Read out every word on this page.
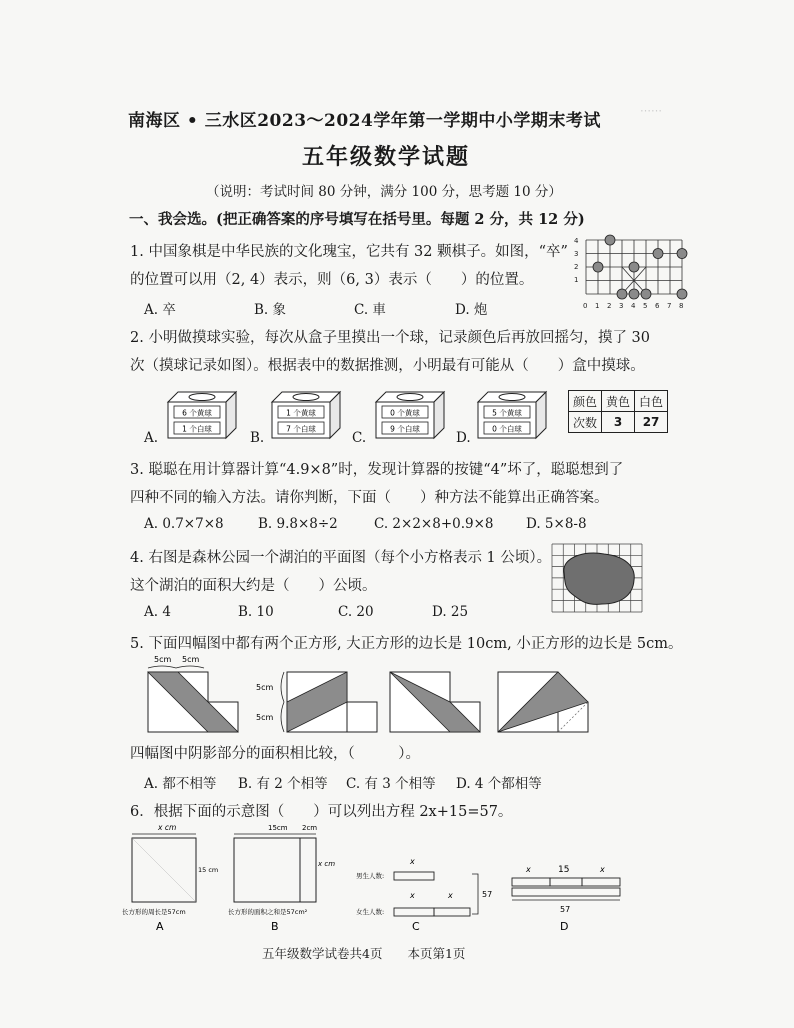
⋯⋯
南海区 • 三水区2023～2024学年第一学期中小学期末考试
五年级数学试题
（说明：考试时间 80 分钟，满分 100 分，思考题 10 分）
一、我会选。(把正确答案的序号填写在括号里。每题 2 分，共 12 分)
1. 中国象棋是中华民族的文化瑰宝，它共有 32 颗棋子。如图，“卒”
的位置可以用（2, 4）表示，则（6, 3）表示（　　）的位置。
A. 卒	B. 象	C. 車	D. 炮	0 1 2 3 4 5 6 7 8
1
2
3
4
2. 小明做摸球实验，每次从盒子里摸出一个球，记录颜色后再放回摇匀，摸了 30
次（摸球记录如图）。根据表中的数据推测，小明最有可能从（　　）盒中摸球。
A.
6 个黄球
1 个白球
B.
1 个黄球
7 个白球
C.
0 个黄球
9 个白球
D.
5 个黄球
0 个白球
颜色	黄色	白色
次数	3	27
3. 聪聪在用计算器计算“4.9×8”时，发现计算器的按键“4”坏了，聪聪想到了
四种不同的输入方法。请你判断，下面（　　）种方法不能算出正确答案。
A. 0.7×7×8	B. 9.8×8÷2	C. 2×2×8+0.9×8 D. 5×8-8
4. 右图是森林公园一个湖泊的平面图（每个小方格表示 1 公顷）。
这个湖泊的面积大约是（　　）公顷。
A. 4	B. 10	C. 20	D. 25
5. 下面四幅图中都有两个正方形, 大正方形的边长是 10cm, 小正方形的边长是 5cm。
5cm 5cm
5cm
5cm
四幅图中阴影部分的面积相比较，（　　　）。
A. 都不相等 B. 有 2 个相等 C. 有 3 个相等 D. 4 个都相等
6．根据下面的示意图（　　）可以列出方程 2x+15=57。
x cm
15 cm
长方形的周长是57cm
A
15cm 2cm
x cm
长方形的面积之和是57cm²
B
男生人数:
女生人数:
x
x	x	57
C
x	15	x
57
D
五年级数学试卷共4页　　本页第1页
